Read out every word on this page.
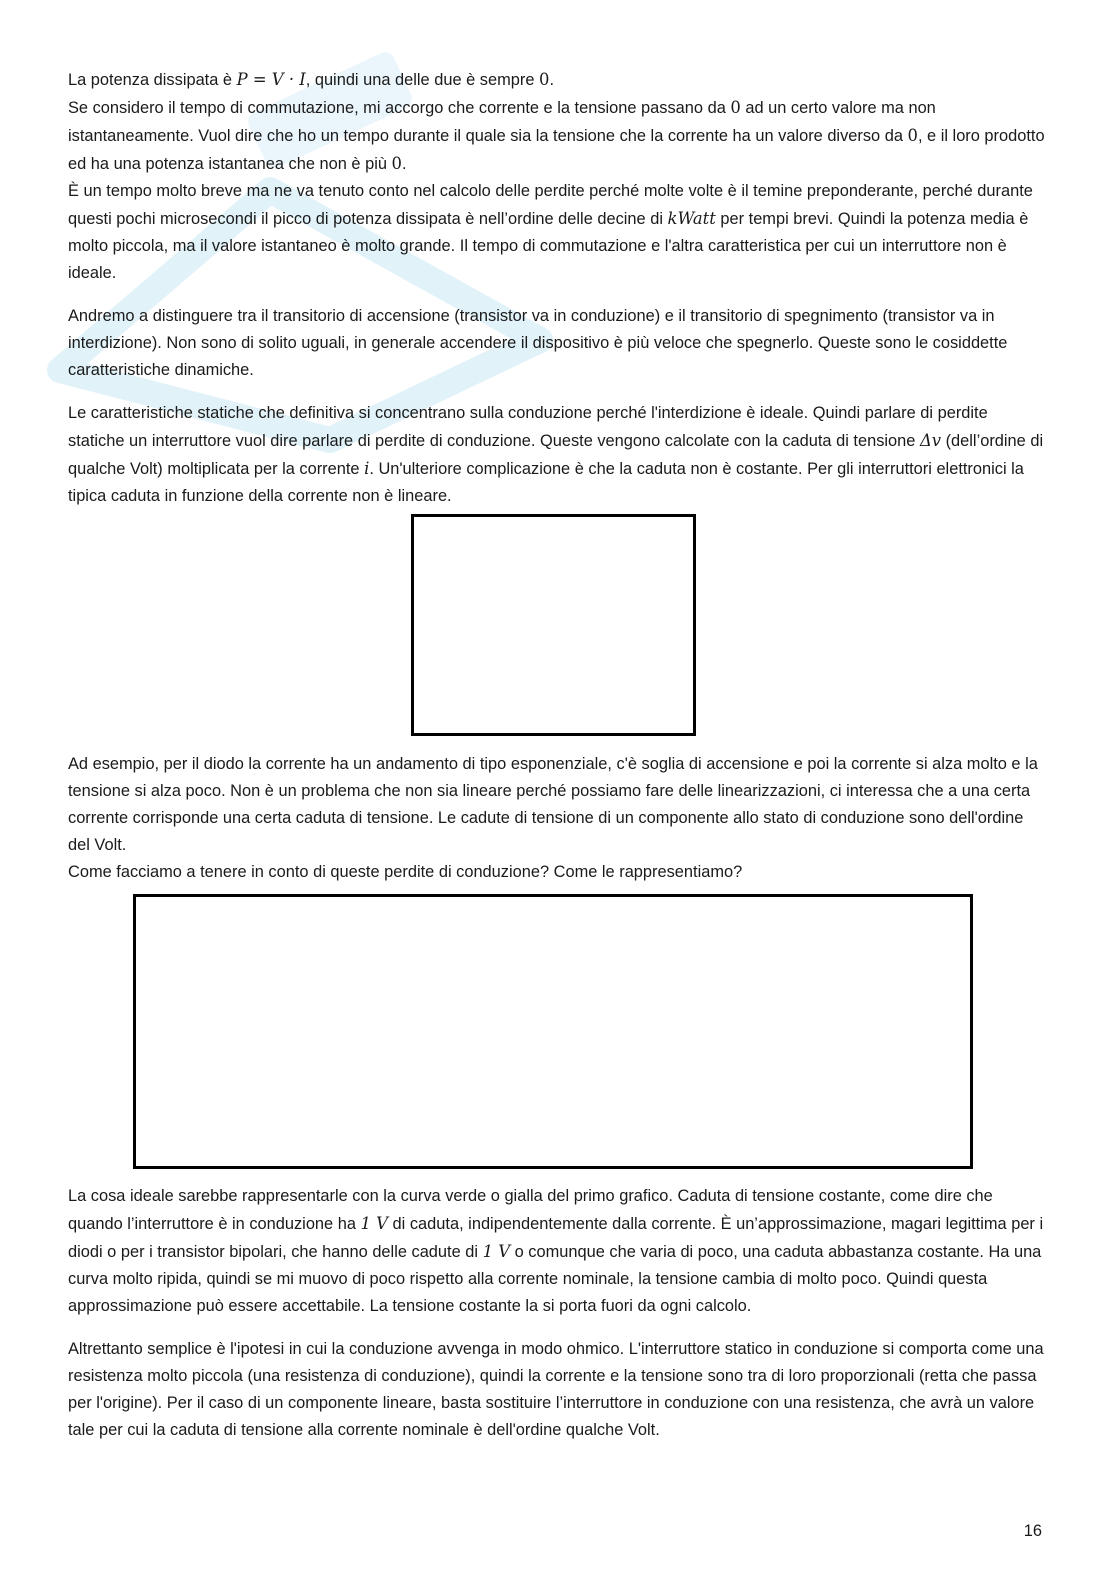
La potenza dissipata è P = V · I, quindi una delle due è sempre 0.
Se considero il tempo di commutazione, mi accorgo che corrente e la tensione passano da 0 ad un certo valore ma non istantaneamente. Vuol dire che ho un tempo durante il quale sia la tensione che la corrente ha un valore diverso da 0, e il loro prodotto ed ha una potenza istantanea che non è più 0.
È un tempo molto breve ma ne va tenuto conto nel calcolo delle perdite perché molte volte è il temine preponderante, perché durante questi pochi microsecondi il picco di potenza dissipata è nell’ordine delle decine di kWatt per tempi brevi. Quindi la potenza media è molto piccola, ma il valore istantaneo è molto grande. Il tempo di commutazione e l'altra caratteristica per cui un interruttore non è ideale.

Andremo a distinguere tra il transitorio di accensione (transistor va in conduzione) e il transitorio di spegnimento (transistor va in interdizione). Non sono di solito uguali, in generale accendere il dispositivo è più veloce che spegnerlo. Queste sono le cosiddette caratteristiche dinamiche.

Le caratteristiche statiche che definitiva si concentrano sulla conduzione perché l'interdizione è ideale. Quindi parlare di perdite statiche un interruttore vuol dire parlare di perdite di conduzione. Queste vengono calcolate con la caduta di tensione Δv (dell’ordine di qualche Volt) moltiplicata per la corrente i. Un'ulteriore complicazione è che la caduta non è costante. Per gli interruttori elettronici la tipica caduta in funzione della corrente non è lineare.

Ad esempio, per il diodo la corrente ha un andamento di tipo esponenziale, c'è soglia di accensione e poi la corrente si alza molto e la tensione si alza poco. Non è un problema che non sia lineare perché possiamo fare delle linearizzazioni, ci interessa che a una certa corrente corrisponde una certa caduta di tensione. Le cadute di tensione di un componente allo stato di conduzione sono dell'ordine del Volt.
Come facciamo a tenere in conto di queste perdite di conduzione? Come le rappresentiamo?

La cosa ideale sarebbe rappresentarle con la curva verde o gialla del primo grafico. Caduta di tensione costante, come dire che quando l’interruttore è in conduzione ha 1 V di caduta, indipendentemente dalla corrente. È un’approssimazione, magari legittima per i diodi o per i transistor bipolari, che hanno delle cadute di 1 V o comunque che varia di poco, una caduta abbastanza costante. Ha una curva molto ripida, quindi se mi muovo di poco rispetto alla corrente nominale, la tensione cambia di molto poco. Quindi questa approssimazione può essere accettabile. La tensione costante la si porta fuori da ogni calcolo.

Altrettanto semplice è l'ipotesi in cui la conduzione avvenga in modo ohmico. L'interruttore statico in conduzione si comporta come una resistenza molto piccola (una resistenza di conduzione), quindi la corrente e la tensione sono tra di loro proporzionali (retta che passa per l'origine). Per il caso di un componente lineare, basta sostituire l’interruttore in conduzione con una resistenza, che avrà un valore tale per cui la caduta di tensione alla corrente nominale è dell'ordine qualche Volt.

16
